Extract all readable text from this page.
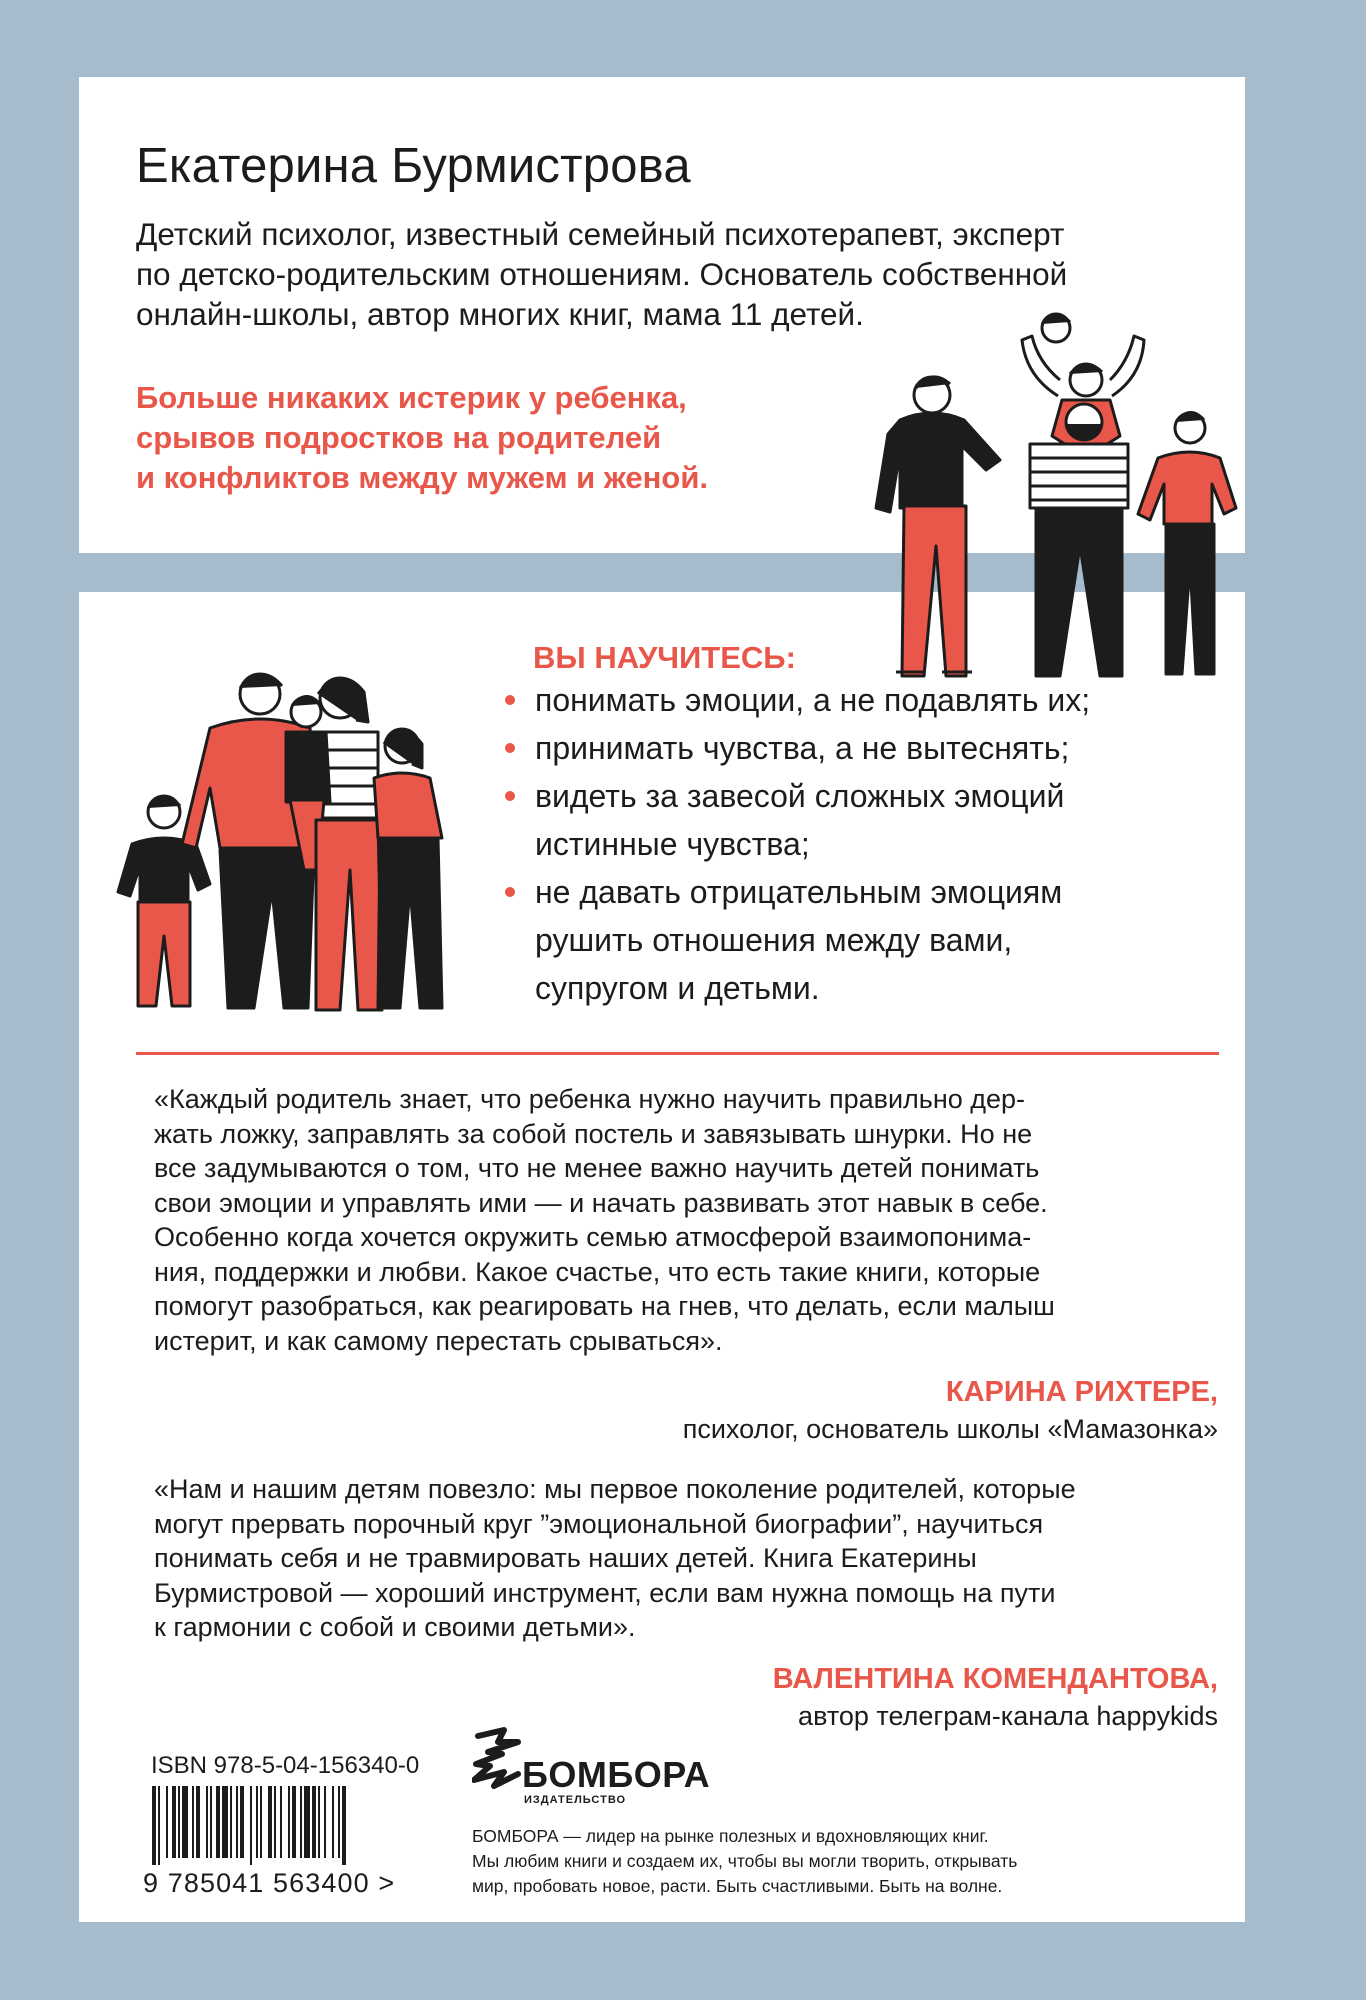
Екатерина Бурмистрова
Детский психолог, известный семейный психотерапевт, эксперт
по детско-родительским отношениям. Основатель собственной
онлайн-школы, автор многих книг, мама 11 детей.
Больше никаких истерик у ребенка,
срывов подростков на родителей
и конфликтов между мужем и женой.
ВЫ НАУЧИТЕСЬ:
понимать эмоции, а не подавлять их;
принимать чувства, а не вытеснять;
видеть за завесой сложных эмоций
истинные чувства;
не давать отрицательным эмоциям
рушить отношения между вами,
супругом и детьми.
«Каждый родитель знает, что ребенка нужно научить правильно дер-
жать ложку, заправлять за собой постель и завязывать шнурки. Но не
все задумываются о том, что не менее важно научить детей понимать
свои эмоции и управлять ими — и начать развивать этот навык в себе.
Особенно когда хочется окружить семью атмосферой взаимопонима-
ния, поддержки и любви. Какое счастье, что есть такие книги, которые
помогут разобраться, как реагировать на гнев, что делать, если малыш
истерит, и как самому перестать срываться».
КАРИНА РИХТЕРЕ,
психолог, основатель школы «Мамазонка»
«Нам и нашим детям повезло: мы первое поколение родителей, которые
могут прервать порочный круг ”эмоциональной биографии”, научиться
понимать себя и не травмировать наших детей. Книга Екатерины
Бурмистровой — хороший инструмент, если вам нужна помощь на пути
к гармонии с собой и своими детьми».
ВАЛЕНТИНА КОМЕНДАНТОВА,
автор телеграм-канала happykids
ISBN 978-5-04-156340-0
9 785041 563400 >
БОМБОРА
ИЗДАТЕЛЬСТВО
БОМБОРА — лидер на рынке полезных и вдохновляющих книг.
Мы любим книги и создаем их, чтобы вы могли творить, открывать
мир, пробовать новое, расти. Быть счастливыми. Быть на волне.
